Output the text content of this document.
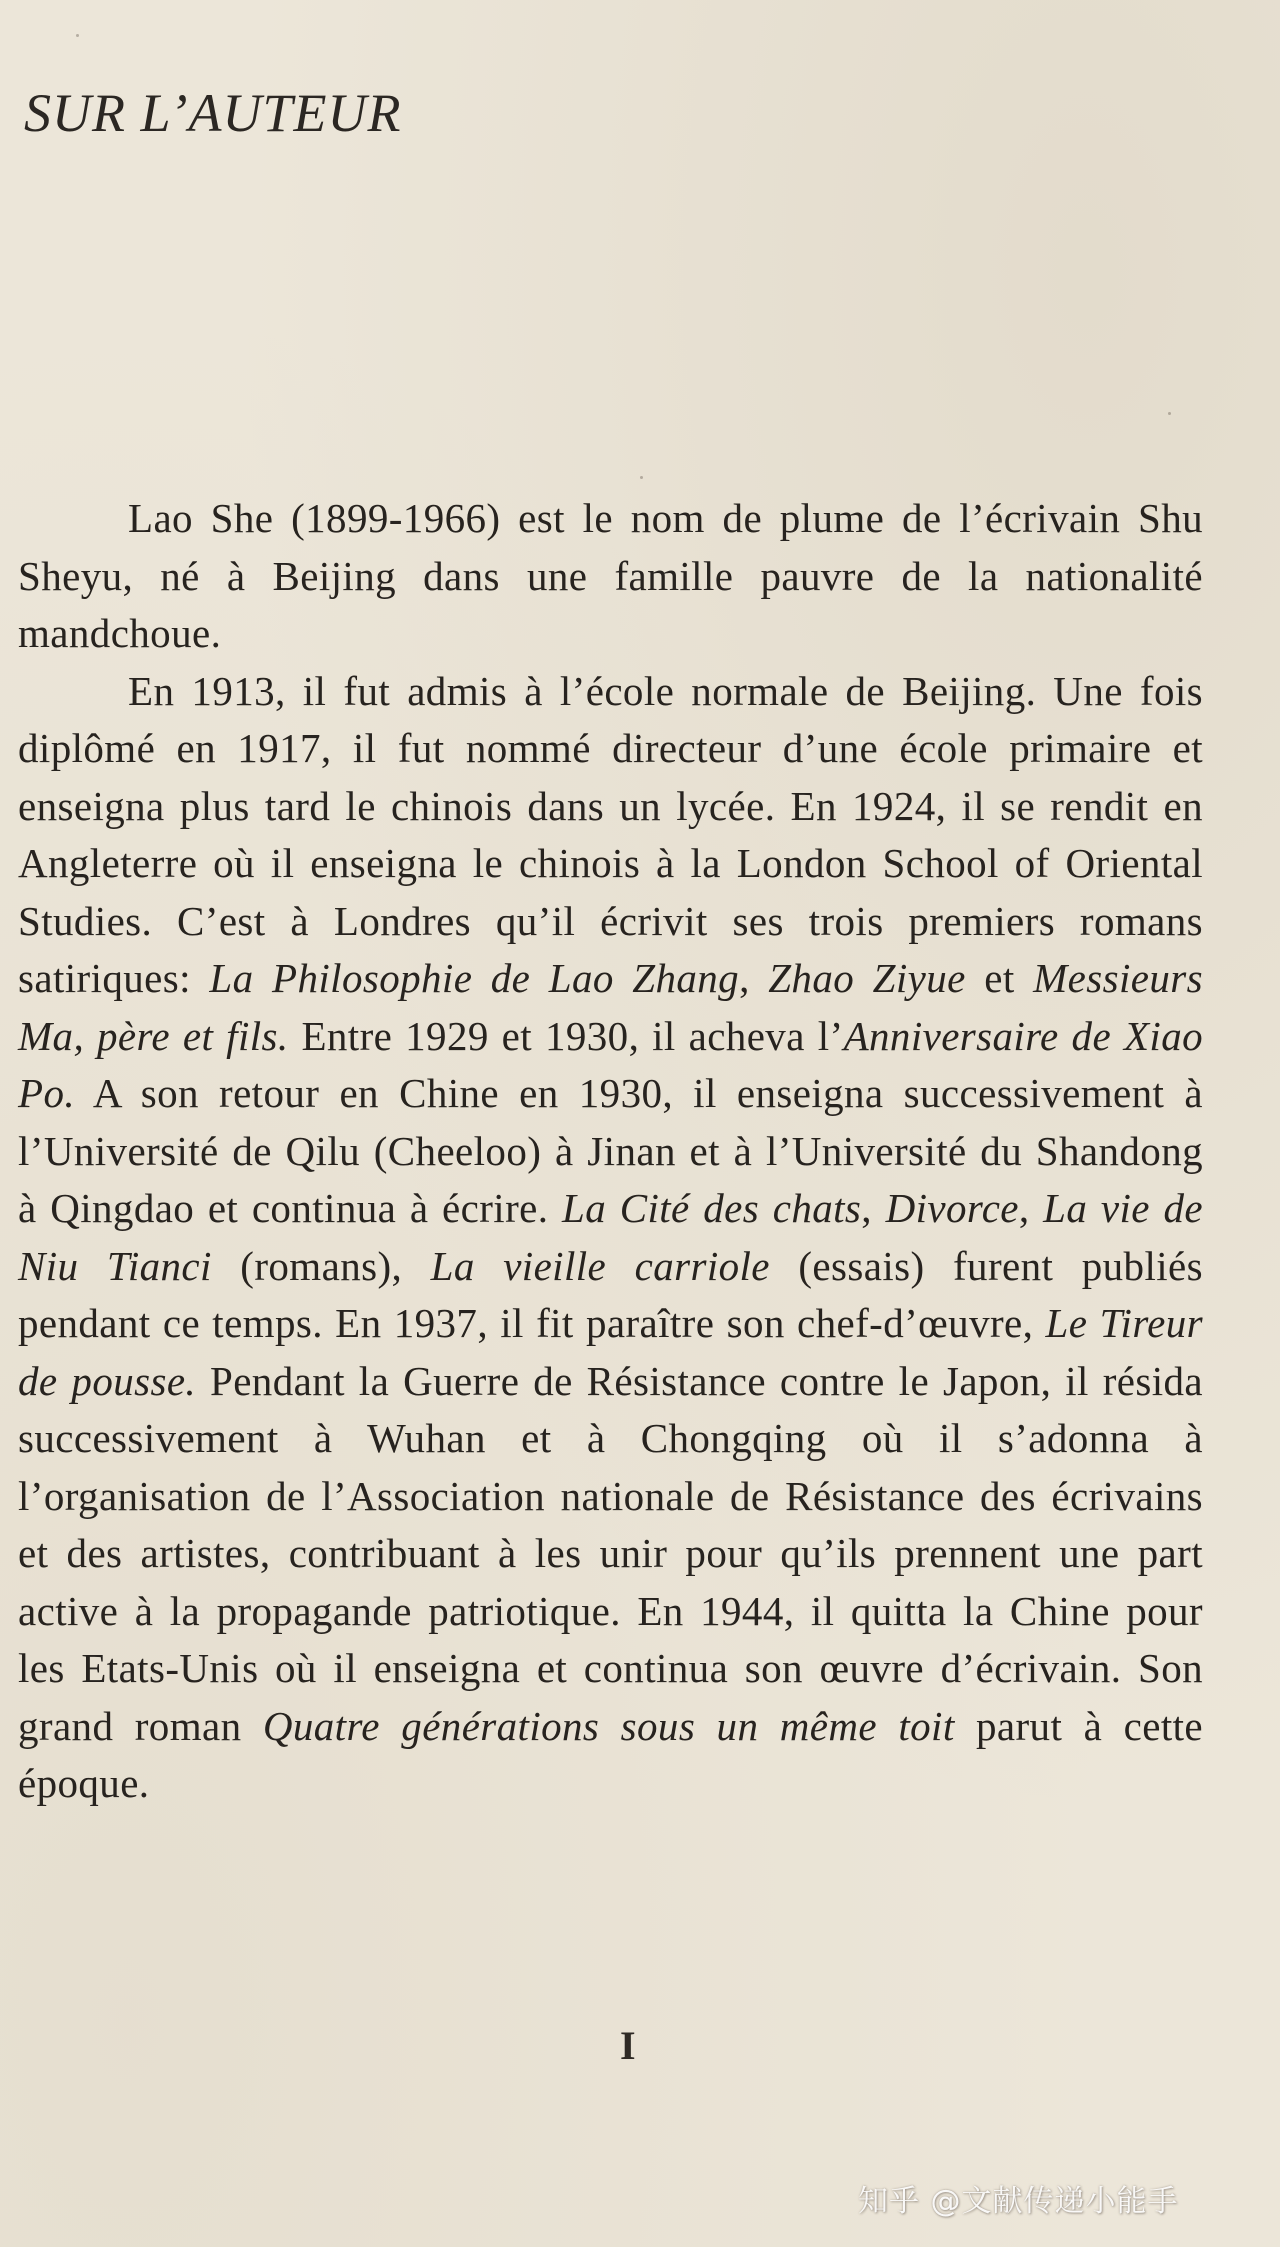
SUR L’AUTEUR

Lao She (1899-1966) est le nom de plume de l’écrivain Shu Sheyu, né à Beijing dans une famille pauvre de la nationalité mandchoue.

En 1913, il fut admis à l’école normale de Beijing. Une fois diplômé en 1917, il fut nommé directeur d’une école primaire et enseigna plus tard le chinois dans un lycée. En 1924, il se rendit en Angleterre où il enseigna le chinois à la London School of Oriental Studies. C’est à Londres qu’il écrivit ses trois premiers romans satiriques: La Philosophie de Lao Zhang, Zhao Ziyue et Messieurs Ma, père et fils. Entre 1929 et 1930, il acheva l’Anniversaire de Xiao Po. A son retour en Chine en 1930, il enseigna successivement à l’Université de Qilu (Cheeloo) à Jinan et à l’Université du Shandong à Qingdao et continua à écrire. La Cité des chats, Divorce, La vie de Niu Tianci (romans), La vieille carriole (essais) furent publiés pendant ce temps. En 1937, il fit paraître son chef-d’œuvre, Le Tireur de pousse. Pendant la Guerre de Résistance contre le Japon, il résida successivement à Wuhan et à Chongqing où il s’adonna à l’organisation de l’Association nationale de Résistance des écrivains et des artistes, contribuant à les unir pour qu’ils prennent une part active à la propagande patriotique. En 1944, il quitta la Chine pour les Etats-Unis où il enseigna et continua son œuvre d’écrivain. Son grand roman Quatre générations sous un même toit parut à cette époque.

I
知乎 @文献传递小能手
